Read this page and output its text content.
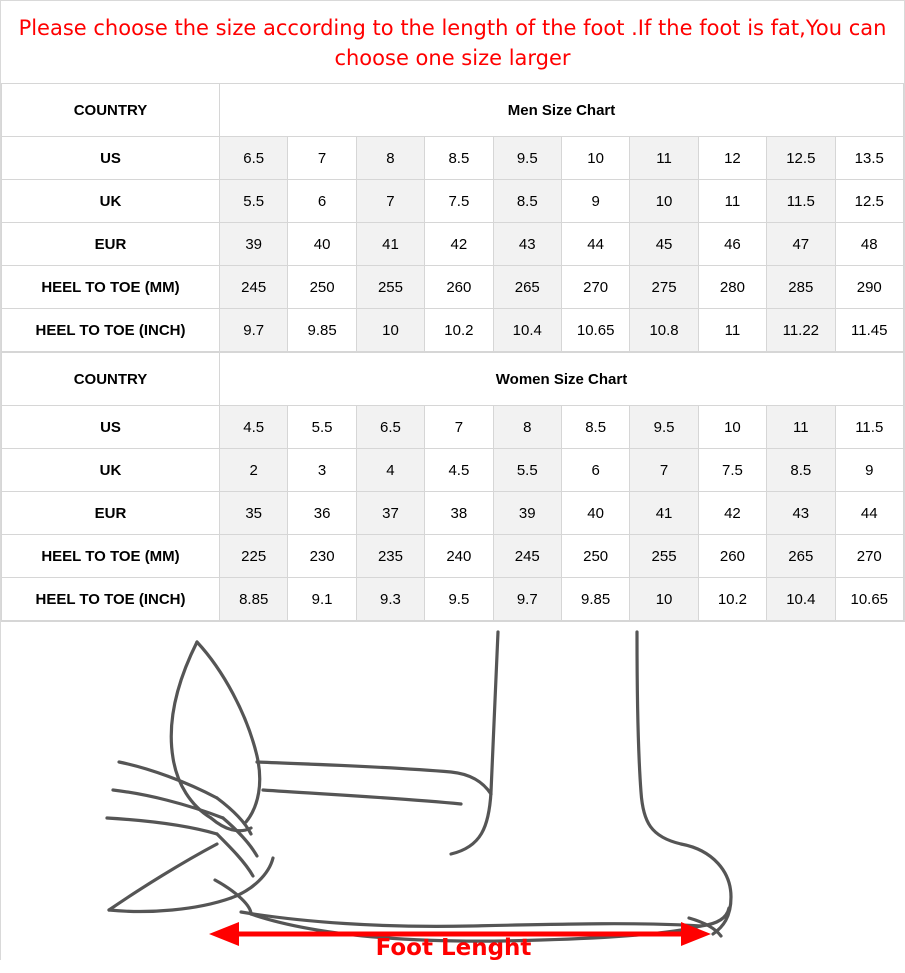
Please choose the size according to the length of the foot .If the foot is fat,You can choose one size larger
COUNTRY	Men Size Chart									
US	6.5	7	8	8.5	9.5	10	11	12	12.5	13.5
UK	5.5	6	7	7.5	8.5	9	10	11	11.5	12.5
EUR	39	40	41	42	43	44	45	46	47	48
HEEL TO TOE (MM)	245	250	255	260	265	270	275	280	285	290
HEEL TO TOE (INCH)	9.7	9.85	10	10.2	10.4	10.65	10.8	11	11.22	11.45
COUNTRY	Women Size Chart									
US	4.5	5.5	6.5	7	8	8.5	9.5	10	11	11.5
UK	2	3	4	4.5	5.5	6	7	7.5	8.5	9
EUR	35	36	37	38	39	40	41	42	43	44
HEEL TO TOE (MM)	225	230	235	240	245	250	255	260	265	270
HEEL TO TOE (INCH)	8.85	9.1	9.3	9.5	9.7	9.85	10	10.2	10.4	10.65
Foot Lenght
